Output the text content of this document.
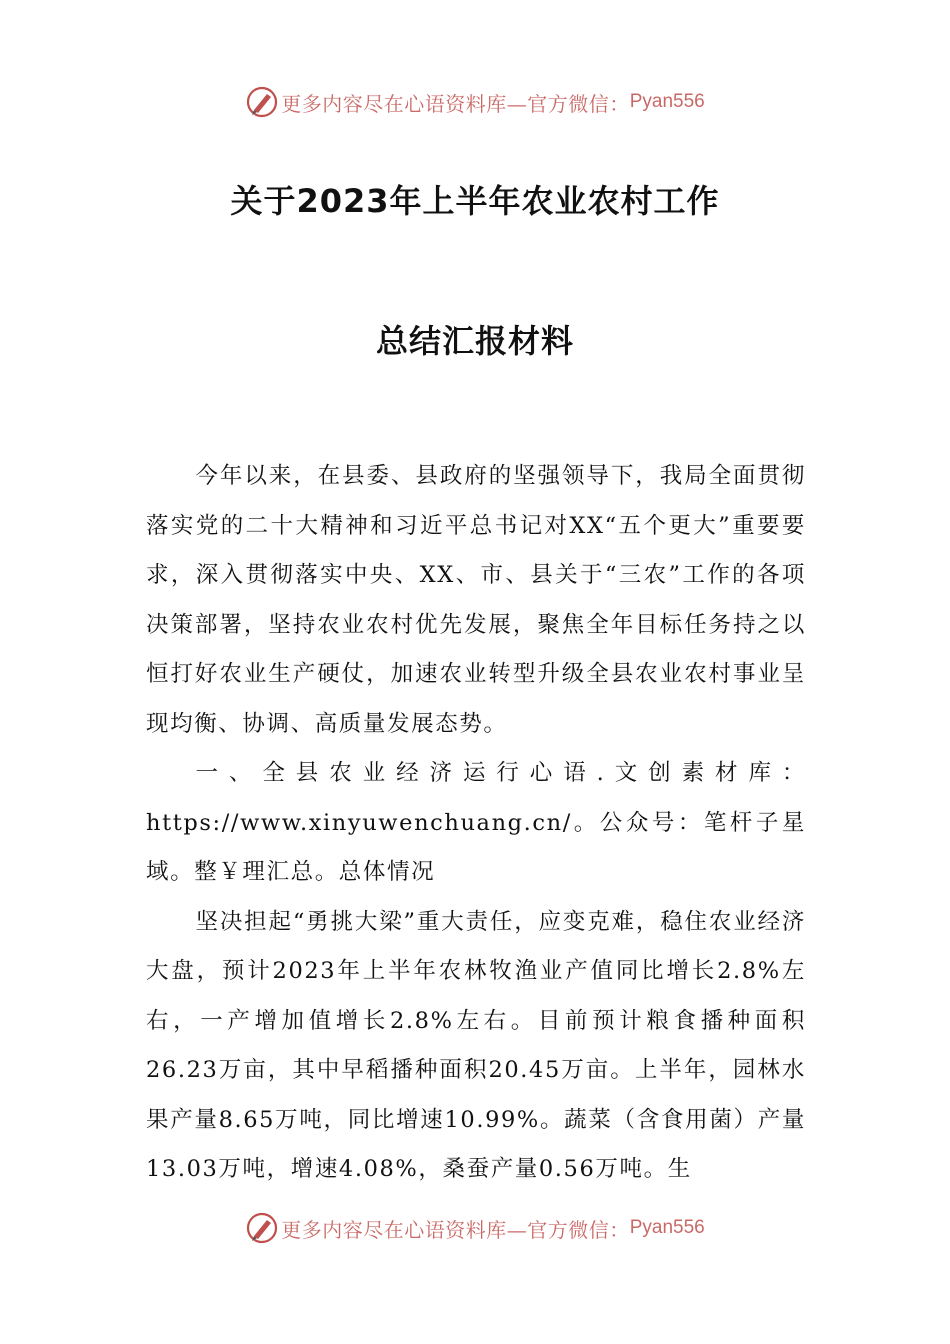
更多内容尽在心语资料库—官方微信： Pyan556
关于2023年上半年农业农村工作
总结汇报材料

今年以来，在县委、县政府的坚强领导下，我局全面贯彻落实党的二十大精神和习近平总书记对XX“五个更大”重要要求，深入贯彻落实中央、XX、市、县关于“三农”工作的各项决策部署，坚持农业农村优先发展，聚焦全年目标任务持之以恒打好农业生产硬仗，加速农业转型升级全县农业农村事业呈现均衡、协调、高质量发展态势。

一、全县农业经济运行心语.文创素材库：https://www.xinyuwenchuang.cn/。公众号：笔杆子星域。整￥理汇总。总体情况

坚决担起“勇挑大梁”重大责任，应变克难，稳住农业经济大盘，预计2023年上半年农林牧渔业产值同比增长2.8%左右，一产增加值增长2.8%左右。目前预计粮食播种面积26.23万亩，其中早稻播种面积20.45万亩。上半年，园林水果产量8.65万吨，同比增速10.99%。蔬菜（含食用菌）产量13.03万吨，增速4.08%，桑蚕产量0.56万吨。生

更多内容尽在心语资料库—官方微信： Pyan556
